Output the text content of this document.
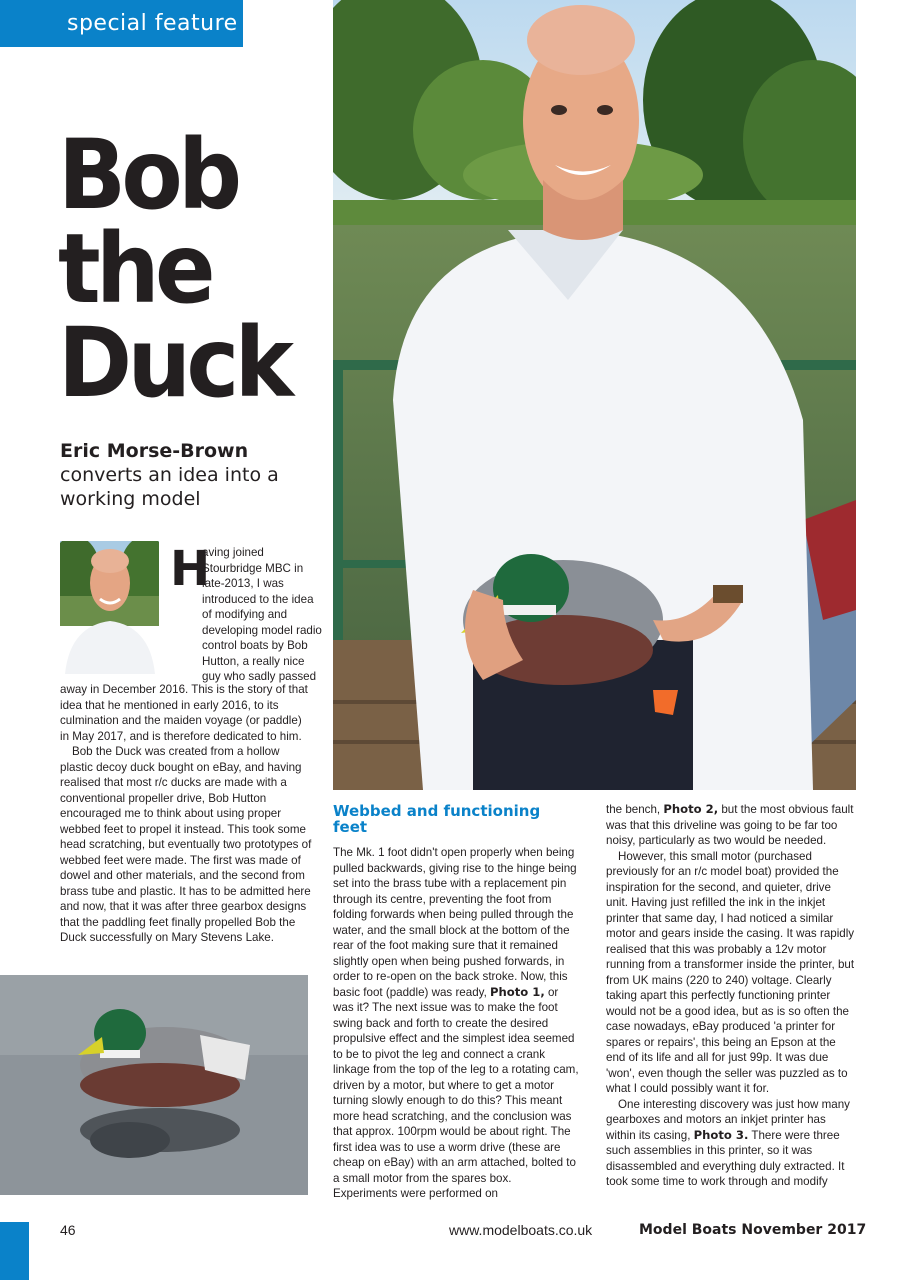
special feature
Bob
the
Duck
Eric Morse-Brown
converts an idea into a working model
H
aving joined Stourbridge MBC in late-2013, I was introduced to the idea of modifying and developing model radio control boats by Bob Hutton, a really nice guy who sadly passed

away in December 2016. This is the story of that idea that he mentioned in early 2016, to its culmination and the maiden voyage (or paddle) in May 2017, and is therefore dedicated to him.

Bob the Duck was created from a hollow plastic decoy duck bought on eBay, and having realised that most r/c ducks are made with a conventional propeller drive, Bob Hutton encouraged me to think about using proper webbed feet to propel it instead. This took some head scratching, but eventually two prototypes of webbed feet were made. The first was made of dowel and other materials, and the second from brass tube and plastic. It has to be admitted here and now, that it was after three gearbox designs that the paddling feet finally propelled Bob the Duck successfully on Mary Stevens Lake.

Webbed and functioning feet

The Mk. 1 foot didn't open properly when being pulled backwards, giving rise to the hinge being set into the brass tube with a replacement pin through its centre, preventing the foot from folding forwards when being pulled through the water, and the small block at the bottom of the rear of the foot making sure that it remained slightly open when being pushed forwards, in order to re-open on the back stroke. Now, this basic foot (paddle) was ready, Photo 1, or was it? The next issue was to make the foot swing back and forth to create the desired propulsive effect and the simplest idea seemed to be to pivot the leg and connect a crank linkage from the top of the leg to a rotating cam, driven by a motor, but where to get a motor turning slowly enough to do this? This meant more head scratching, and the conclusion was that approx. 100rpm would be about right. The first idea was to use a worm drive (these are cheap on eBay) with an arm attached, bolted to a small motor from the spares box. Experiments were performed on

the bench, Photo 2, but the most obvious fault was that this driveline was going to be far too noisy, particularly as two would be needed.

However, this small motor (purchased previously for an r/c model boat) provided the inspiration for the second, and quieter, drive unit. Having just refilled the ink in the inkjet printer that same day, I had noticed a similar motor and gears inside the casing. It was rapidly realised that this was probably a 12v motor running from a transformer inside the printer, but from UK mains (220 to 240) voltage. Clearly taking apart this perfectly functioning printer would not be a good idea, but as is so often the case nowadays, eBay produced 'a printer for spares or repairs', this being an Epson at the end of its life and all for just 99p. It was due 'won', even though the seller was puzzled as to what I could possibly want it for.

One interesting discovery was just how many gearboxes and motors an inkjet printer has within its casing, Photo 3. There were three such assemblies in this printer, so it was disassembled and everything duly extracted. It took some time to work through and modify

46	www.modelboats.co.uk	Model Boats November 2017
